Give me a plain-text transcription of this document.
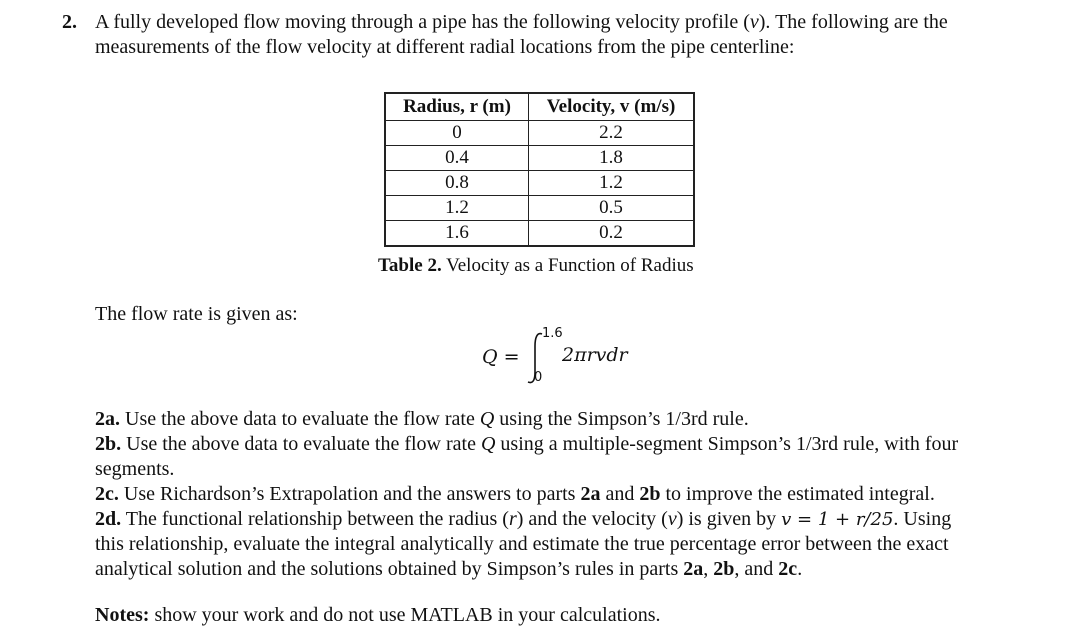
2. A fully developed flow moving through a pipe has the following velocity profile (v). The following are the
measurements of the flow velocity at different radial locations from the pipe centerline:
Radius, r (m)	Velocity, v (m/s)
0	2.2
0.4	1.8
0.8	1.2
1.2	0.5
1.6	0.2
Table 2. Velocity as a Function of Radius
The flow rate is given as:
Q =
1.6
0
2πrvdr
2a. Use the above data to evaluate the flow rate Q using the Simpson’s 1/3rd rule.
2b. Use the above data to evaluate the flow rate Q using a multiple-segment Simpson’s 1/3rd rule, with four
segments.
2c. Use Richardson’s Extrapolation and the answers to parts 2a and 2b to improve the estimated integral.
2d. The functional relationship between the radius (r) and the velocity (v) is given by v = 1 + r/25. Using
this relationship, evaluate the integral analytically and estimate the true percentage error between the exact
analytical solution and the solutions obtained by Simpson’s rules in parts 2a, 2b, and 2c.
Notes: show your work and do not use MATLAB in your calculations.
